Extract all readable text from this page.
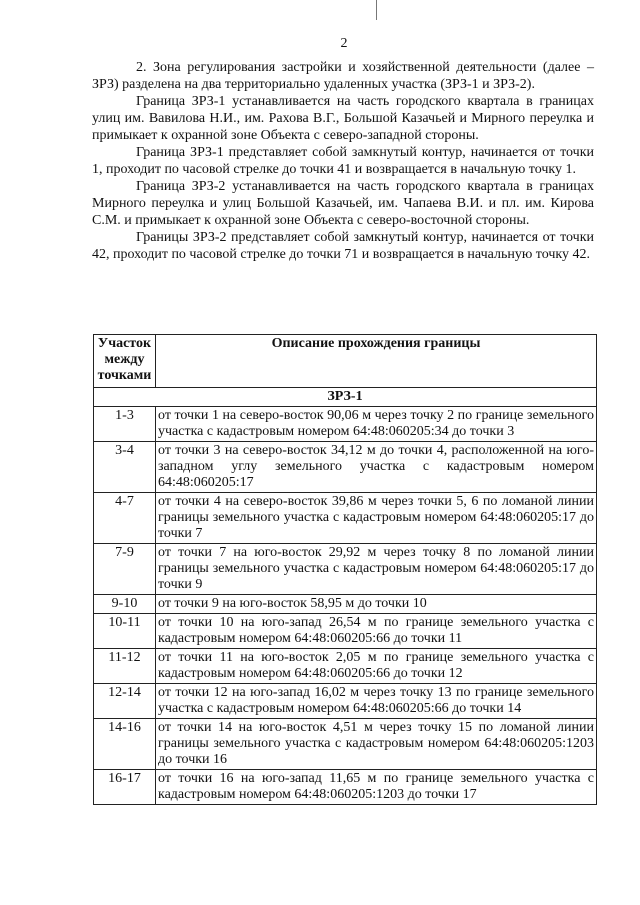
2

2. Зона регулирования застройки и хозяйственной деятельности (далее – ЗРЗ) разделена на два территориально удаленных участка (ЗРЗ-1 и ЗРЗ-2).

Граница ЗРЗ-1 устанавливается на часть городского квартала в границах улиц им. Вавилова Н.И., им. Рахова В.Г., Большой Казачьей и Мирного переулка и примыкает к охранной зоне Объекта с северо-западной стороны.

Граница ЗРЗ-1 представляет собой замкнутый контур, начинается от точки 1, проходит по часовой стрелке до точки 41 и возвращается в начальную точку 1.

Граница ЗРЗ-2 устанавливается на часть городского квартала в границах Мирного переулка и улиц Большой Казачьей, им. Чапаева В.И. и пл. им. Кирова С.М. и примыкает к охранной зоне Объекта с северо-восточной стороны.

Границы ЗРЗ-2 представляет собой замкнутый контур, начинается от точки 42, проходит по часовой стрелке до точки 71 и возвращается в начальную точку 42.

Участок между точками	Описание прохождения границы
ЗРЗ-1	
1-3	от точки 1 на северо-восток 90,06 м через точку 2 по границе земельного участка с кадастровым номером 64:48:060205:34 до точки 3
3-4	от точки 3 на северо-восток 34,12 м до точки 4, расположенной на юго-западном углу земельного участка с кадастровым номером 64:48:060205:17
4-7	от точки 4 на северо-восток 39,86 м через точки 5, 6 по ломаной линии границы земельного участка с кадастровым номером 64:48:060205:17 до точки 7
7-9	от точки 7 на юго-восток 29,92 м через точку 8 по ломаной линии границы земельного участка с кадастровым номером 64:48:060205:17 до точки 9
9-10	от точки 9 на юго-восток 58,95 м до точки 10
10-11	от точки 10 на юго-запад 26,54 м по границе земельного участка с кадастровым номером 64:48:060205:66 до точки 11
11-12	от точки 11 на юго-восток 2,05 м по границе земельного участка с кадастровым номером 64:48:060205:66 до точки 12
12-14	от точки 12 на юго-запад 16,02 м через точку 13 по границе земельного участка с кадастровым номером 64:48:060205:66 до точки 14
14-16	от точки 14 на юго-восток 4,51 м через точку 15 по ломаной линии границы земельного участка с кадастровым номером 64:48:060205:1203 до точки 16
16-17	от точки 16 на юго-запад 11,65 м по границе земельного участка с кадастровым номером 64:48:060205:1203 до точки 17
